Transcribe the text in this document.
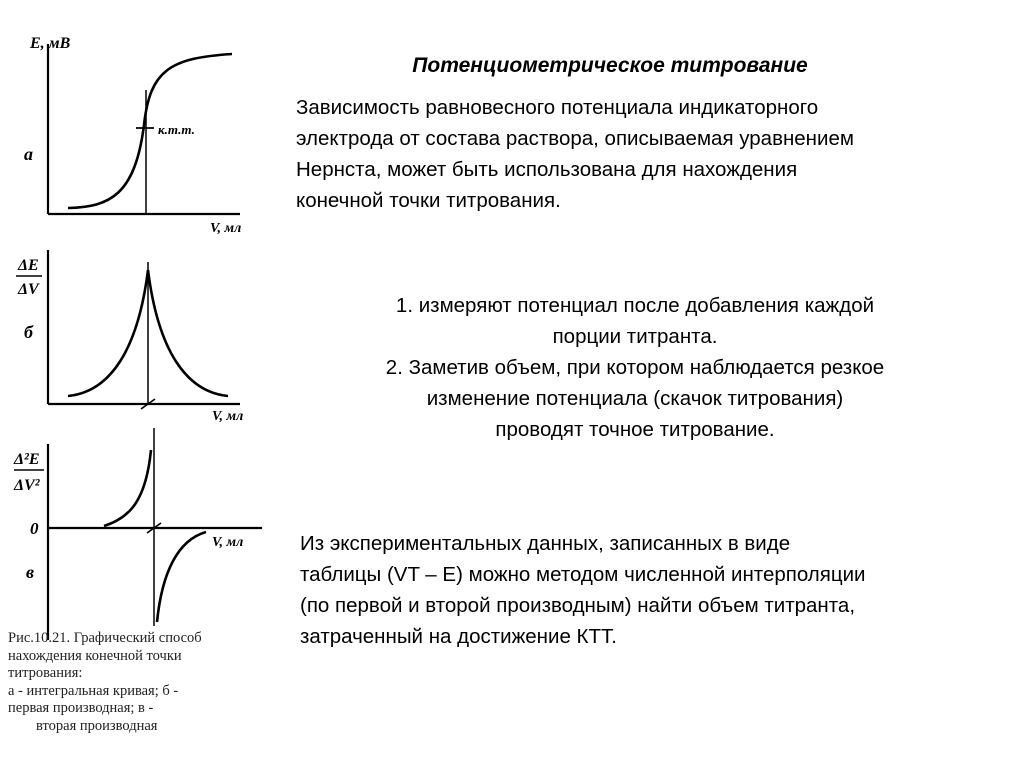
E, мВ
a
V, мл
к.т.т.
ΔE
ΔV
б
V, мл
Δ²E
ΔV²
0
в
V, мл
Рис.10.21. Графический способ
нахождения конечной точки
титрования:
а - интегральная кривая; б -
первая производная; в -
вторая производная
Потенциометрическое титрование
Зависимость равновесного потенциала индикаторного
электрода от состава раствора, описываемая уравнением
Нернста, может быть использована для нахождения
конечной точки титрования.
1. измеряют потенциал после добавления каждой
порции титранта.
2. Заметив объем, при котором наблюдается резкое
изменение потенциала (скачок титрования)
проводят точное титрование.
Из экспериментальных данных, записанных в виде
таблицы (VT – E) можно методом численной интерполяции
(по первой и второй производным) найти объем титранта,
затраченный на достижение КТТ.
